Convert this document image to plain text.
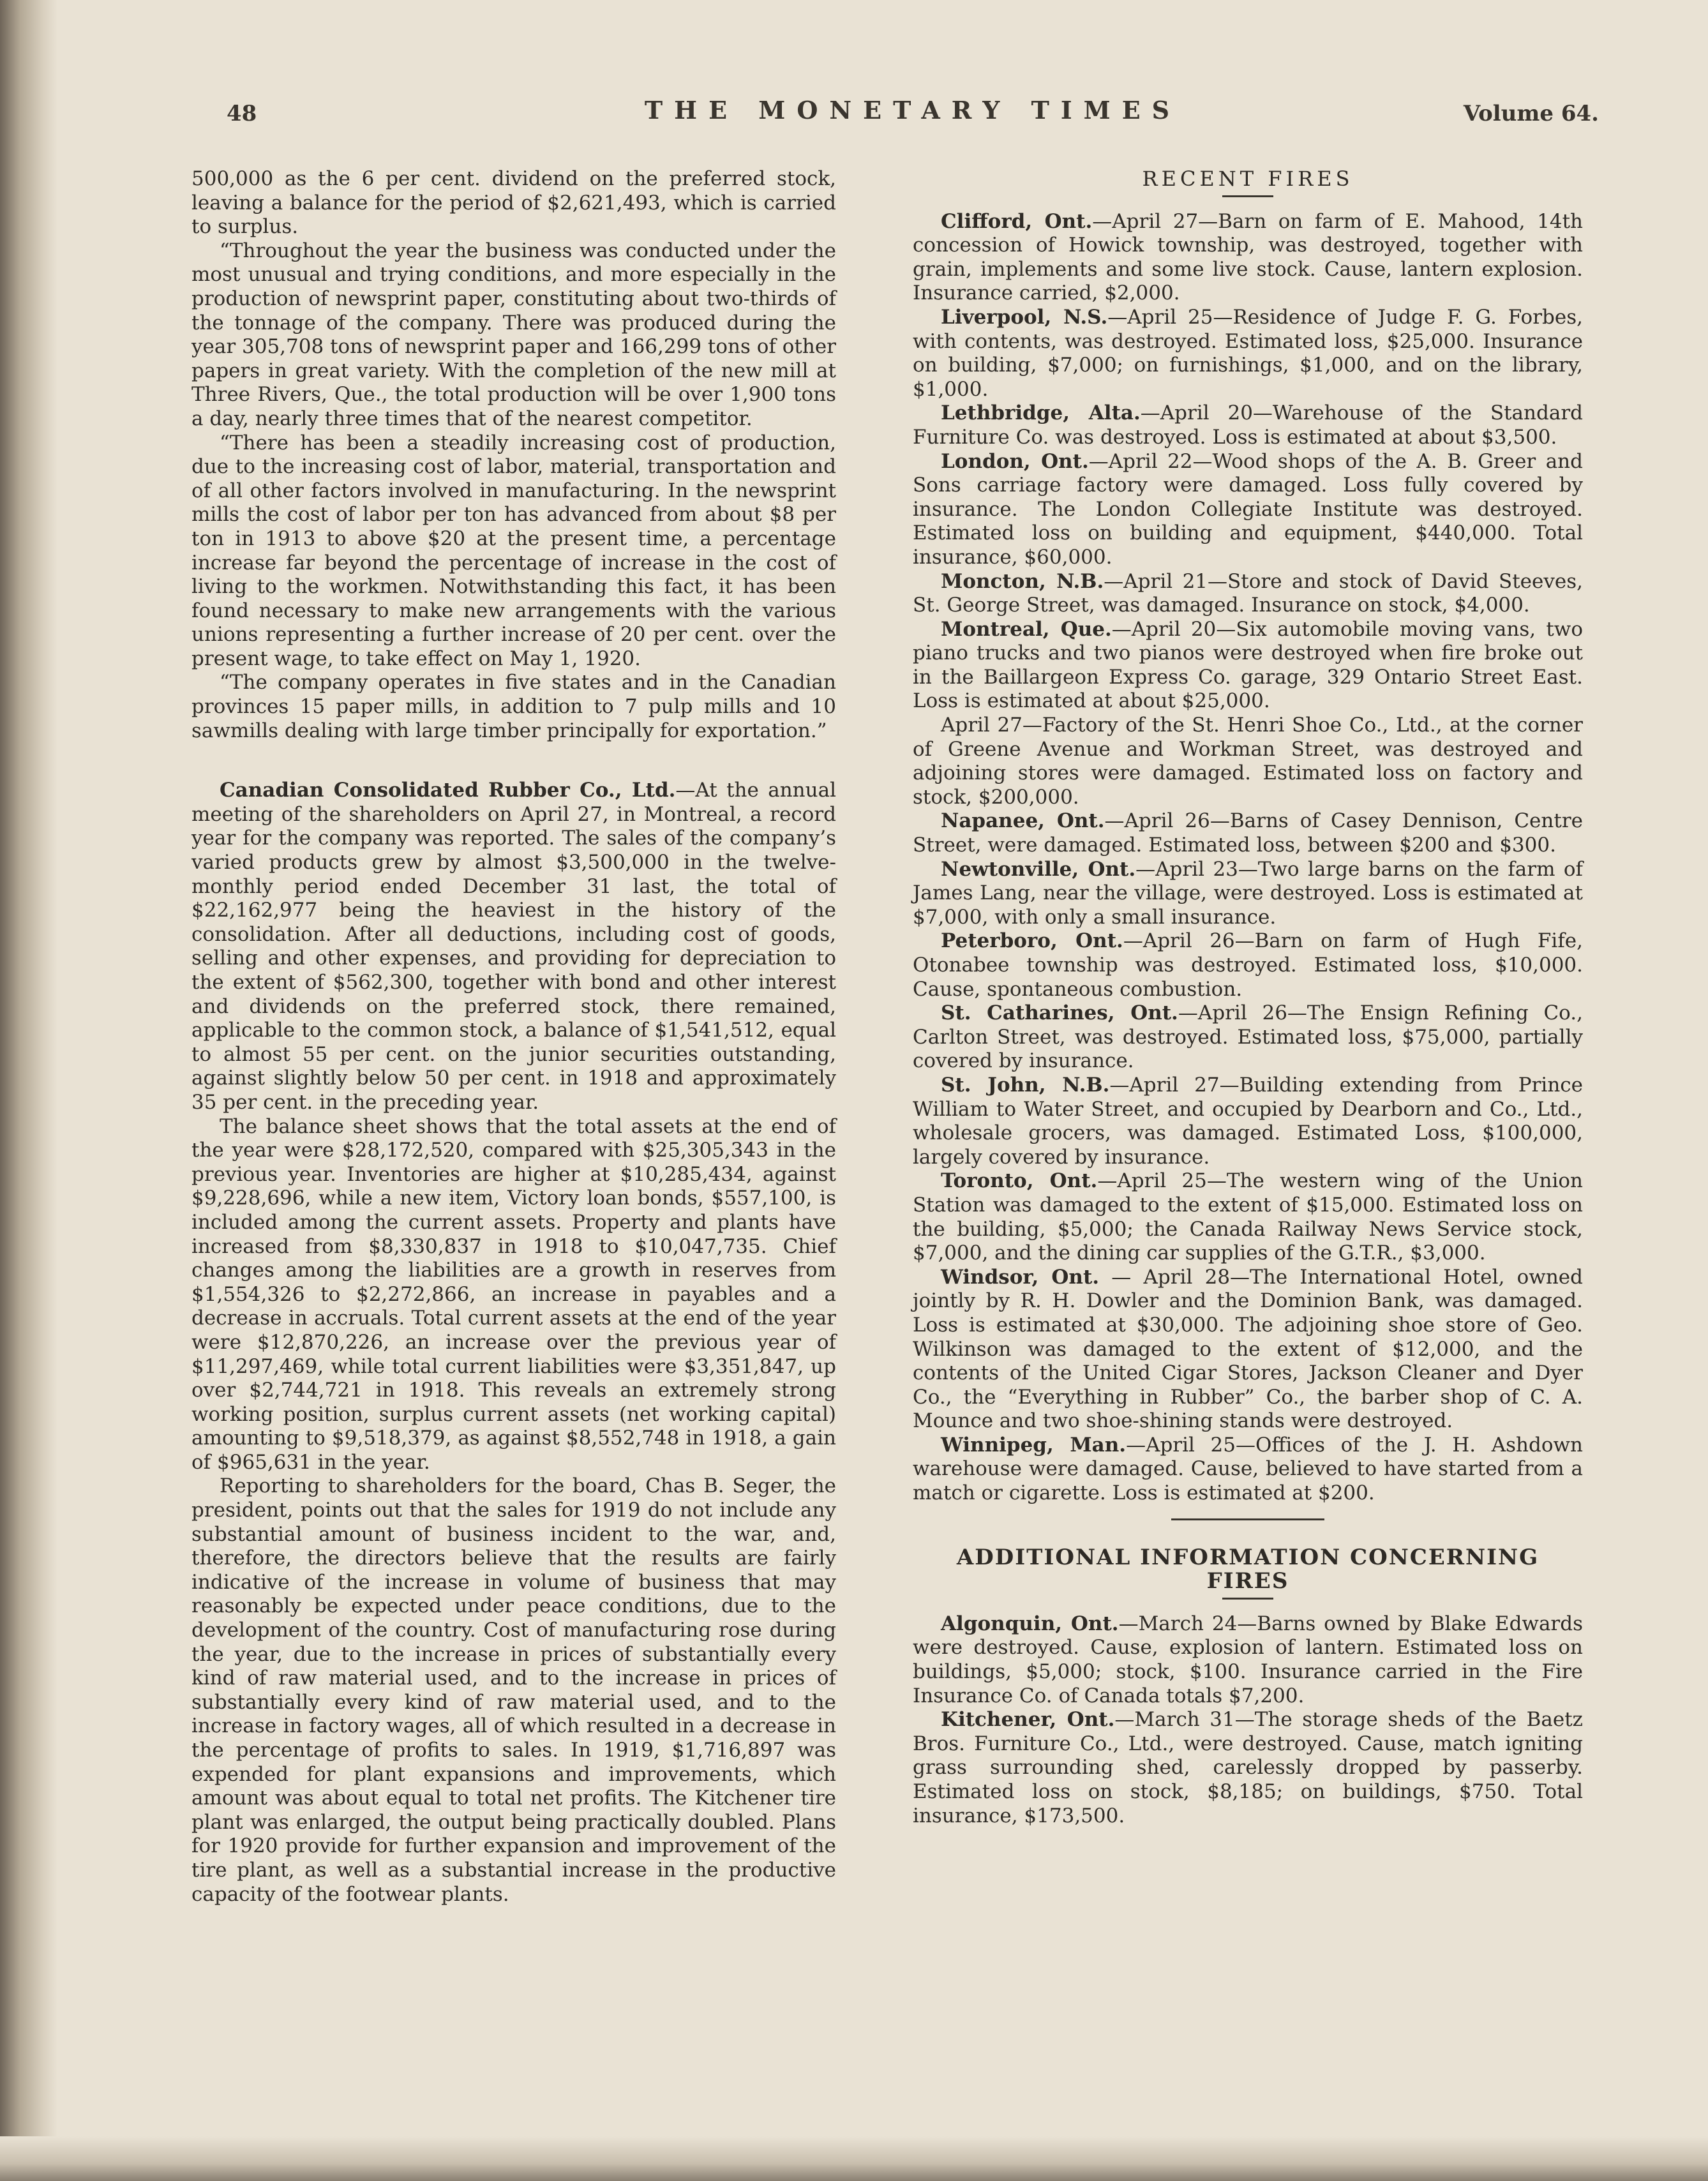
48	THE MONETARY TIMES	Volume 64.

500,000 as the 6 per cent. dividend on the preferred stock, leaving a balance for the period of $2,621,493, which is carried to surplus.

“Throughout the year the business was conducted under the most unusual and trying conditions, and more especially in the production of newsprint paper, constituting about two-thirds of the tonnage of the company. There was produced during the year 305,708 tons of newsprint paper and 166,299 tons of other papers in great variety. With the completion of the new mill at Three Rivers, Que., the total production will be over 1,900 tons a day, nearly three times that of the nearest competitor.

“There has been a steadily increasing cost of production, due to the increasing cost of labor, material, transportation and of all other factors involved in manufacturing. In the newsprint mills the cost of labor per ton has advanced from about $8 per ton in 1913 to above $20 at the present time, a percentage increase far beyond the percentage of increase in the cost of living to the workmen. Notwithstanding this fact, it has been found necessary to make new arrangements with the various unions representing a further increase of 20 per cent. over the present wage, to take effect on May 1, 1920.

“The company operates in five states and in the Canadian provinces 15 paper mills, in addition to 7 pulp mills and 10 sawmills dealing with large timber principally for exportation.”

Canadian Consolidated Rubber Co., Ltd.—At the annual meeting of the shareholders on April 27, in Montreal, a record year for the company was reported. The sales of the company’s varied products grew by almost $3,500,000 in the twelve-monthly period ended December 31 last, the total of $22,162,977 being the heaviest in the history of the consolidation. After all deductions, including cost of goods, selling and other expenses, and providing for depreciation to the extent of $562,300, together with bond and other interest and dividends on the preferred stock, there remained, applicable to the common stock, a balance of $1,541,512, equal to almost 55 per cent. on the junior securities outstanding, against slightly below 50 per cent. in 1918 and approximately 35 per cent. in the preceding year.

The balance sheet shows that the total assets at the end of the year were $28,172,520, compared with $25,305,343 in the previous year. Inventories are higher at $10,285,434, against $9,228,696, while a new item, Victory loan bonds, $557,100, is included among the current assets. Property and plants have increased from $8,330,837 in 1918 to $10,047,735. Chief changes among the liabilities are a growth in reserves from $1,554,326 to $2,272,866, an increase in payables and a decrease in accruals. Total current assets at the end of the year were $12,870,226, an increase over the previous year of $11,297,469, while total current liabilities were $3,351,847, up over $2,744,721 in 1918. This reveals an extremely strong working position, surplus current assets (net working capital) amounting to $9,518,379, as against $8,552,748 in 1918, a gain of $965,631 in the year.

Reporting to shareholders for the board, Chas B. Seger, the president, points out that the sales for 1919 do not include any substantial amount of business incident to the war, and, therefore, the directors believe that the results are fairly indicative of the increase in volume of business that may reasonably be expected under peace conditions, due to the development of the country. Cost of manufacturing rose during the year, due to the increase in prices of substantially every kind of raw material used, and to the increase in prices of substantially every kind of raw material used, and to the increase in factory wages, all of which resulted in a decrease in the percentage of profits to sales. In 1919, $1,716,897 was expended for plant expansions and improvements, which amount was about equal to total net profits. The Kitchener tire plant was enlarged, the output being practically doubled. Plans for 1920 provide for further expansion and improvement of the tire plant, as well as a substantial increase in the productive capacity of the footwear plants.

RECENT FIRES

Clifford, Ont.—April 27—Barn on farm of E. Mahood, 14th concession of Howick township, was destroyed, together with grain, implements and some live stock. Cause, lantern explosion. Insurance carried, $2,000.

Liverpool, N.S.—April 25—Residence of Judge F. G. Forbes, with contents, was destroyed. Estimated loss, $25,000. Insurance on building, $7,000; on furnishings, $1,000, and on the library, $1,000.

Lethbridge, Alta.—April 20—Warehouse of the Standard Furniture Co. was destroyed. Loss is estimated at about $3,500.

London, Ont.—April 22—Wood shops of the A. B. Greer and Sons carriage factory were damaged. Loss fully covered by insurance. The London Collegiate Institute was destroyed. Estimated loss on building and equipment, $440,000. Total insurance, $60,000.

Moncton, N.B.—April 21—Store and stock of David Steeves, St. George Street, was damaged. Insurance on stock, $4,000.

Montreal, Que.—April 20—Six automobile moving vans, two piano trucks and two pianos were destroyed when fire broke out in the Baillargeon Express Co. garage, 329 Ontario Street East. Loss is estimated at about $25,000.

April 27—Factory of the St. Henri Shoe Co., Ltd., at the corner of Greene Avenue and Workman Street, was destroyed and adjoining stores were damaged. Estimated loss on factory and stock, $200,000.

Napanee, Ont.—April 26—Barns of Casey Dennison, Centre Street, were damaged. Estimated loss, between $200 and $300.

Newtonville, Ont.—April 23—Two large barns on the farm of James Lang, near the village, were destroyed. Loss is estimated at $7,000, with only a small insurance.

Peterboro, Ont.—April 26—Barn on farm of Hugh Fife, Otonabee township was destroyed. Estimated loss, $10,000. Cause, spontaneous combustion.

St. Catharines, Ont.—April 26—The Ensign Refining Co., Carlton Street, was destroyed. Estimated loss, $75,000, partially covered by insurance.

St. John, N.B.—April 27—Building extending from Prince William to Water Street, and occupied by Dearborn and Co., Ltd., wholesale grocers, was damaged. Estimated Loss, $100,000, largely covered by insurance.

Toronto, Ont.—April 25—The western wing of the Union Station was damaged to the extent of $15,000. Estimated loss on the building, $5,000; the Canada Railway News Service stock, $7,000, and the dining car supplies of the G.T.R., $3,000.

Windsor, Ont. — April 28—The International Hotel, owned jointly by R. H. Dowler and the Dominion Bank, was damaged. Loss is estimated at $30,000. The adjoining shoe store of Geo. Wilkinson was damaged to the extent of $12,000, and the contents of the United Cigar Stores, Jackson Cleaner and Dyer Co., the “Everything in Rubber” Co., the barber shop of C. A. Mounce and two shoe-shining stands were destroyed.

Winnipeg, Man.—April 25—Offices of the J. H. Ashdown warehouse were damaged. Cause, believed to have started from a match or cigarette. Loss is estimated at $200.

ADDITIONAL INFORMATION CONCERNING FIRES

Algonquin, Ont.—March 24—Barns owned by Blake Edwards were destroyed. Cause, explosion of lantern. Estimated loss on buildings, $5,000; stock, $100. Insurance carried in the Fire Insurance Co. of Canada totals $7,200.

Kitchener, Ont.—March 31—The storage sheds of the Baetz Bros. Furniture Co., Ltd., were destroyed. Cause, match igniting grass surrounding shed, carelessly dropped by passerby. Estimated loss on stock, $8,185; on buildings, $750. Total insurance, $173,500.
